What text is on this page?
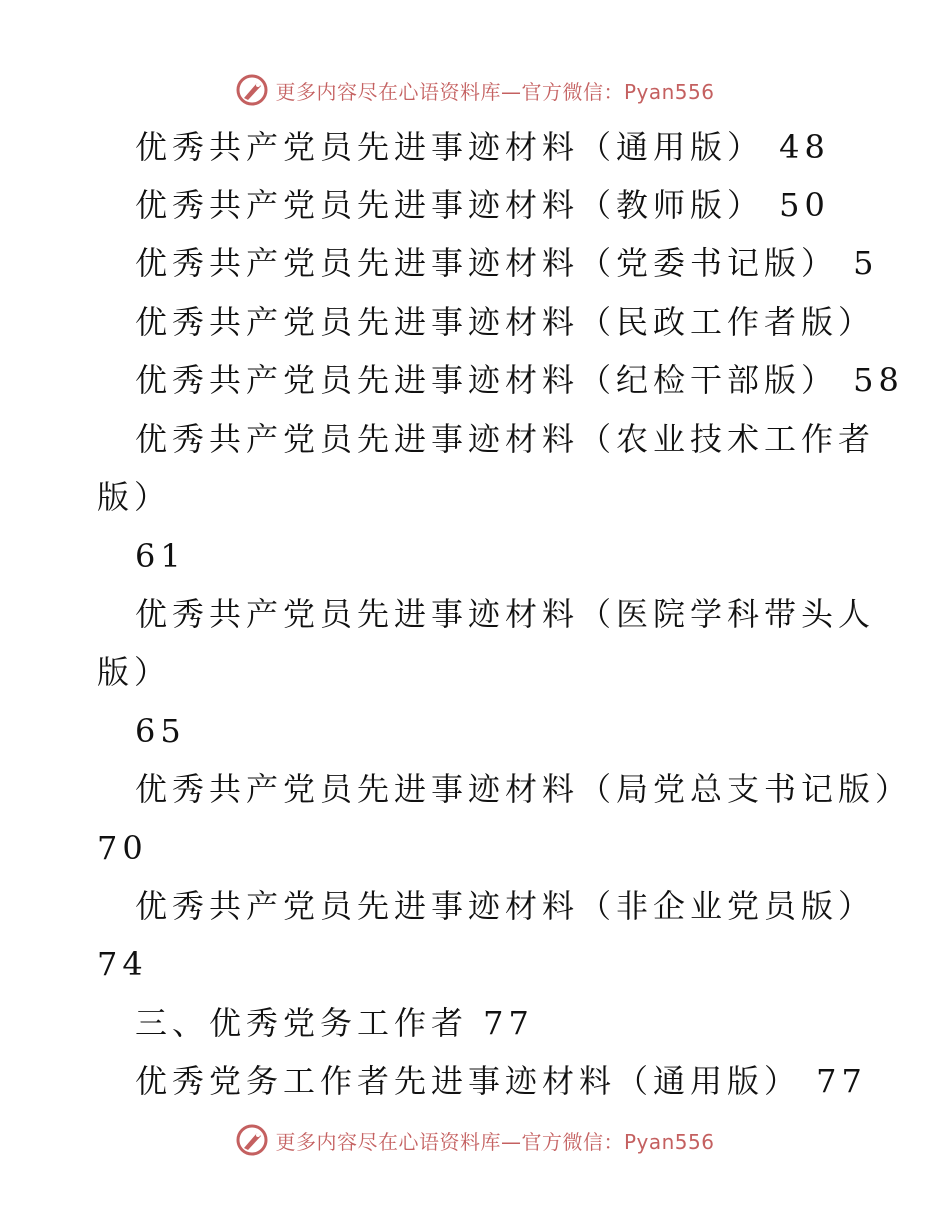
更多内容尽在心语资料库—官方微信：Pyan556
优秀共产党员先进事迹材料（通用版） 48
优秀共产党员先进事迹材料（教师版） 50
优秀共产党员先进事迹材料（党委书记版） 5
优秀共产党员先进事迹材料（民政工作者版）
优秀共产党员先进事迹材料（纪检干部版） 58
优秀共产党员先进事迹材料（农业技术工作者
版）
61
优秀共产党员先进事迹材料（医院学科带头人
版）
65
优秀共产党员先进事迹材料（局党总支书记版）
70
优秀共产党员先进事迹材料（非企业党员版）
74
三、优秀党务工作者 77
优秀党务工作者先进事迹材料（通用版） 77
更多内容尽在心语资料库—官方微信：Pyan556
